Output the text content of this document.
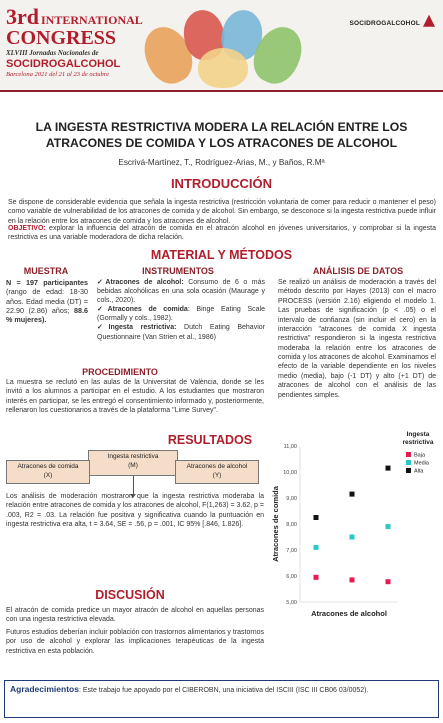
3rd INTERNATIONAL
CONGRESS
XLVIII Jornadas Nacionales de
SOCIDROGALCOHOL
Barcelona 2021 del 21 al 23 de octubre
SOCIDROGALCOHOL
LA INGESTA RESTRICTIVA MODERA LA RELACIÓN ENTRE LOS ATRACONES DE COMIDA Y LOS ATRACONES DE ALCOHOL
Escrivá-Martínez, T., Rodríguez-Arias, M., y Baños, R.Mª
INTRODUCCIÓN
Se dispone de considerable evidencia que señala la ingesta restrictiva (restricción voluntaria de comer para reducir o mantener el peso) como variable de vulnerabilidad de los atracones de comida y de alcohol. Sin embargo, se desconoce si la ingesta restrictiva puede influir en la relación entre los atracones de comida y los atracones de alcohol.
OBJETIVO: explorar la influencia del atracón de comida en el atracón alcohol en jóvenes universitarios, y comprobar si la ingesta restrictiva es una variable moderadora de dicha relación.
MATERIAL Y MÉTODOS
MUESTRA	INSTRUMENTOS	ANÁLISIS DE DATOS
N = 197 participantes (rango de edad: 18-30 años. Edad media (DT) = 22.90 (2.86) años; 88.6 % mujeres).
✓Atracones de alcohol: Consumo de 6 o más bebidas alcohólicas en una sola ocasión (Maurage y cols., 2020).
✓Atracones de comida: Binge Eating Scale (Gormally y cols., 1982).
✓Ingesta restrictiva: Dutch Eating Behavior Questionnaire (Van Strien et al., 1986)
Se realizó un análisis de moderación a través del método descrito por Hayes (2013) con el macro PROCESS (versión 2.16) eligiendo el modelo 1. Las pruebas de significación (p < .05) o el intervalo de confianza (sin incluir el cero) en la interacción "atracones de comida X ingesta restrictiva" respondieron si la ingesta restrictiva moderaba la relación entre los atracones de comida y los atracones de alcohol. Examinamos el efecto de la variable dependiente en los niveles medio (media), bajo (-1 DT) y alto (+1 DT) de atracones de alcohol con el análisis de las pendientes simples.
PROCEDIMIENTO
La muestra se reclutó en las aulas de la Universitat de València, donde se les invitó a los alumnos a participar en el estudio. A los estudiantes que mostraron interés en participar, se les entregó el consentimiento informado y, posteriormente, rellenaron los cuestionarios a través de la plataforma "Lime Survey".
RESULTADOS
Ingesta restrictiva
(M)
Atracones de comida
(X)
Atracones de alcohol
(Y)
Los análisis de moderación mostraron que la ingesta restrictiva moderaba la relación entre atracones de comida y los atracones de alcohol, F(1,263) = 3.62, p = .003, R2 = .03. La relación fue positiva y significativa cuando la puntuación en ingesta restrictiva era alta, t = 3.64, SE = .56, p = .001, IC 95% [.846, 1.826].
5,00
6,00
7,00
8,00
9,00
10,00
11,00
Atracones de comida
Atracones de alcohol
Ingesta
restrictiva
Baja
Media
Alta
DISCUSIÓN
El atracón de comida predice un mayor atracón de alcohol en aquellas personas con una ingesta restrictiva elevada.
Futuros estudios deberían incluir población con trastornos alimentarios y trastornos por uso de alcohol y explorar las implicaciones terapéuticas de la ingesta restrictiva en esta población.
Agradecimientos: Este trabajo fue apoyado por el CIBEROBN, una iniciativa del ISCIII (ISC III CB06 03/0052).
